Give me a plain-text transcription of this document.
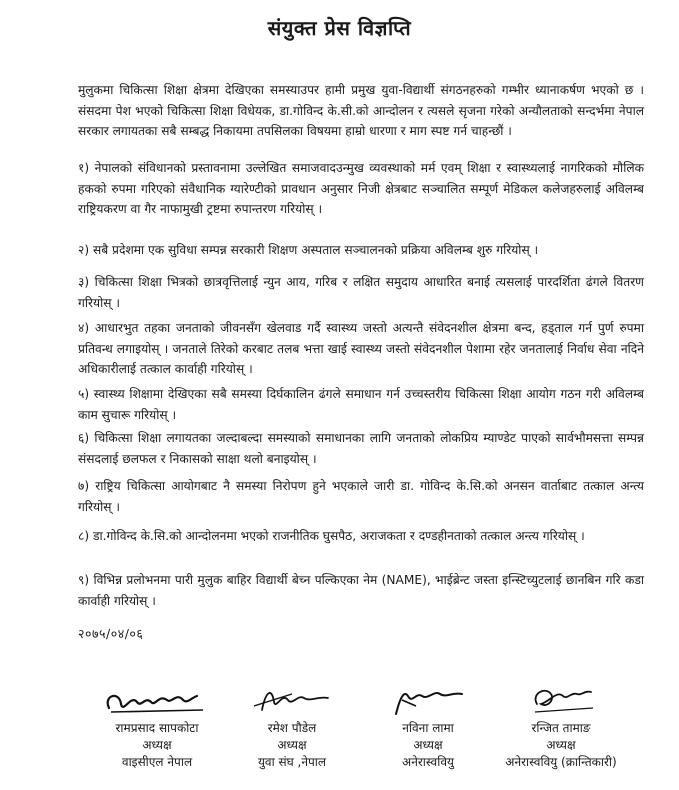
संयुक्त प्रेस विज्ञप्ति

मुलुकमा चिकित्सा शिक्षा क्षेत्रमा देखिएका समस्याउपर हामी प्रमुख युवा-विद्यार्थी संगठनहरुको गम्भीर ध्यानाकर्षण भएको छ । संसदमा पेश भएको चिकित्सा शिक्षा विधेयक, डा.गोविन्द के.सी.को आन्दोलन र त्यसले सृजना गरेको अन्यौलताको सन्दर्भमा नेपाल सरकार लगायतका सबै सम्बद्ध निकायमा तपसिलका विषयमा हाम्रो धारणा र माग स्पष्ट गर्न चाहन्छौं ।

१) नेपालको संविधानको प्रस्तावनामा उल्लेखित समाजवादउन्मुख व्यवस्थाको मर्म एवम् शिक्षा र स्वास्थ्यलाई नागरिकको मौलिक हकको रुपमा गरिएको संवैधानिक ग्यारेण्टीको प्रावधान अनुसार निजी क्षेत्रबाट सञ्चालित सम्पूर्ण मेडिकल कलेजहरुलाई अविलम्ब राष्ट्रियकरण वा गैर नाफामुखी ट्रष्टमा रुपान्तरण गरियोस् ।

२) सबै प्रदेशमा एक सुविधा सम्पन्न सरकारी शिक्षण अस्पताल सञ्चालनको प्रक्रिया अविलम्ब शुरु गरियोस् ।

३) चिकित्सा शिक्षा भित्रको छात्रवृत्तिलाई न्युन आय, गरिब र लक्षित समुदाय आधारित बनाई त्यसलाई पारदर्शिता ढंगले वितरण गरियोस् ।

४) आधारभुत तहका जनताको जीवनसँग खेलवाड गर्दै स्वास्थ्य जस्तो अत्यन्तै संवेदनशील क्षेत्रमा बन्द, हड्ताल गर्न पुर्ण रुपमा प्रतिवन्ध लगाइयोस् । जनताले तिरेको करबाट तलब भत्ता खाई स्वास्थ्य जस्तो संवेदनशील पेशामा रहेर जनतालाई निर्वाध सेवा नदिने अधिकारीलाई तत्काल कार्वाही गरियोस् ।

५) स्वास्थ्य शिक्षामा देखिएका सबै समस्या दिर्घकालिन ढंगले समाधान गर्न उच्चस्तरीय चिकित्सा शिक्षा आयोग गठन गरी अविलम्ब काम सुचारू गरियोस् ।

६) चिकित्सा शिक्षा लगायतका जल्दाबल्दा समस्याको समाधानका लागि जनताको लोकप्रिय म्याण्डेट पाएको सार्वभौमसत्ता सम्पन्न संसदलाई छलफल र निकासको साक्षा थलो बनाइयोस् ।

७) राष्ट्रिय चिकित्सा आयोगबाट नै समस्या निरोपण हुने भएकाले जारी डा. गोविन्द के.सि.को अनसन वार्ताबाट तत्काल अन्त्य गरियोस् ।

८) डा.गोविन्द के.सि.को आन्दोलनमा भएको राजनीतिक घुसपैठ, अराजकता र दण्डहीनताको तत्काल अन्त्य गरियोस् ।

९) विभिन्न प्रलोभनमा पारी मुलुक बाहिर विद्यार्थी बेच्न पल्किएका नेम (NAME), भाईब्रेन्ट जस्ता इन्स्टिच्युटलाई छानबिन गरि कडा कार्वाही गरियोस् ।

२०७५/०४/०६
रामप्रसाद सापकोटा
अध्यक्ष
वाइसीएल नेपाल
रमेश पौडेल
अध्यक्ष
युवा संघ ,नेपाल
नविना लामा
अध्यक्ष
अनेरास्ववियु
रन्जित तामाङ
अध्यक्ष
अनेरास्ववियु (क्रान्तिकारी)
